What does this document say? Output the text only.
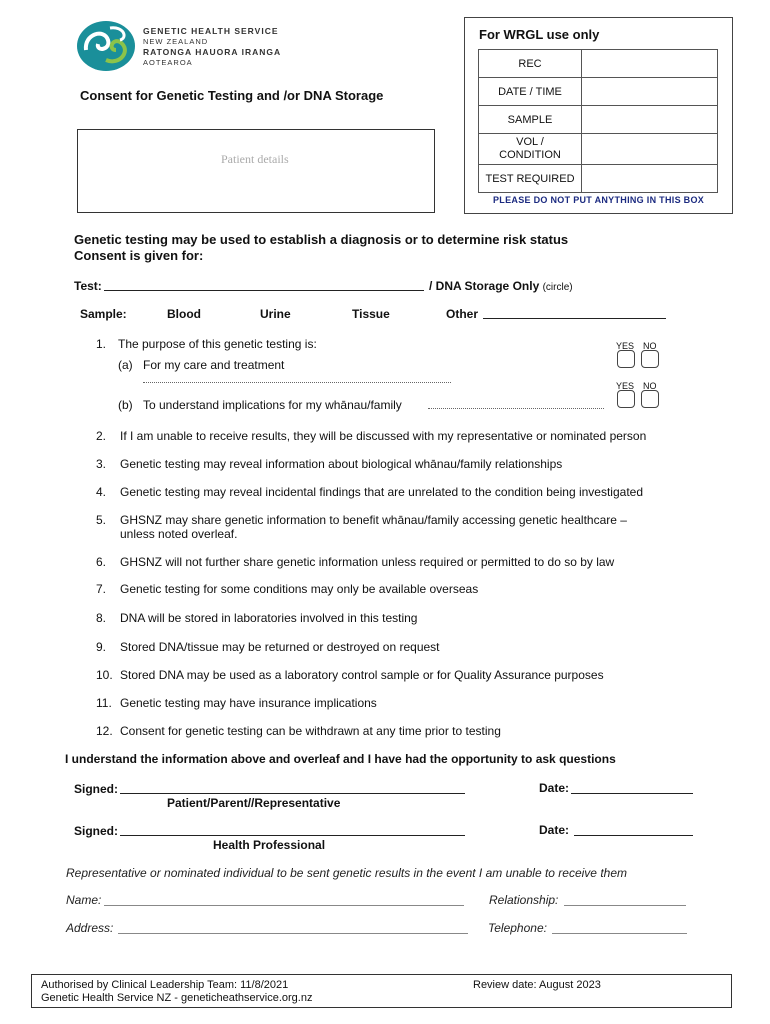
GENETIC HEALTH SERVICE
NEW ZEALAND
RATONGA HAUORA IRANGA
AOTEAROA
Consent for Genetic Testing and /or DNA Storage
Patient details
For WRGL use only
REC	
DATE / TIME	
SAMPLE	
VOL / CONDITION	
TEST REQUIRED	
PLEASE DO NOT PUT ANYTHING IN THIS BOX
Genetic testing may be used to establish a diagnosis or to determine risk status
Consent is given for:
Test:	/ DNA Storage Only (circle)
Sample:	Blood	Urine	Tissue	Other
1. The purpose of this genetic testing is:	YES NO
(a) For my care and treatment
YES NO
(b) To understand implications for my whānau/family
2. If I am unable to receive results, they will be discussed with my representative or nominated person
3. Genetic testing may reveal information about biological whānau/family relationships
4. Genetic testing may reveal incidental findings that are unrelated to the condition being investigated
5. GHSNZ may share genetic information to benefit whānau/family accessing genetic healthcare –
unless noted overleaf.
6. GHSNZ will not further share genetic information unless required or permitted to do so by law
7. Genetic testing for some conditions may only be available overseas
8. DNA will be stored in laboratories involved in this testing
9. Stored DNA/tissue may be returned or destroyed on request
10. Stored DNA may be used as a laboratory control sample or for Quality Assurance purposes
11. Genetic testing may have insurance implications
12. Consent for genetic testing can be withdrawn at any time prior to testing
I understand the information above and overleaf and I have had the opportunity to ask questions
Signed:
Patient/Parent//Representative
Date:
Signed:
Health Professional
Date:
Representative or nominated individual to be sent genetic results in the event I am unable to receive them
Name:	Relationship:
Address:	Telephone:
Authorised by Clinical Leadership Team: 11/8/2021	Review date: August 2023
Genetic Health Service NZ - geneticheathservice.org.nz
